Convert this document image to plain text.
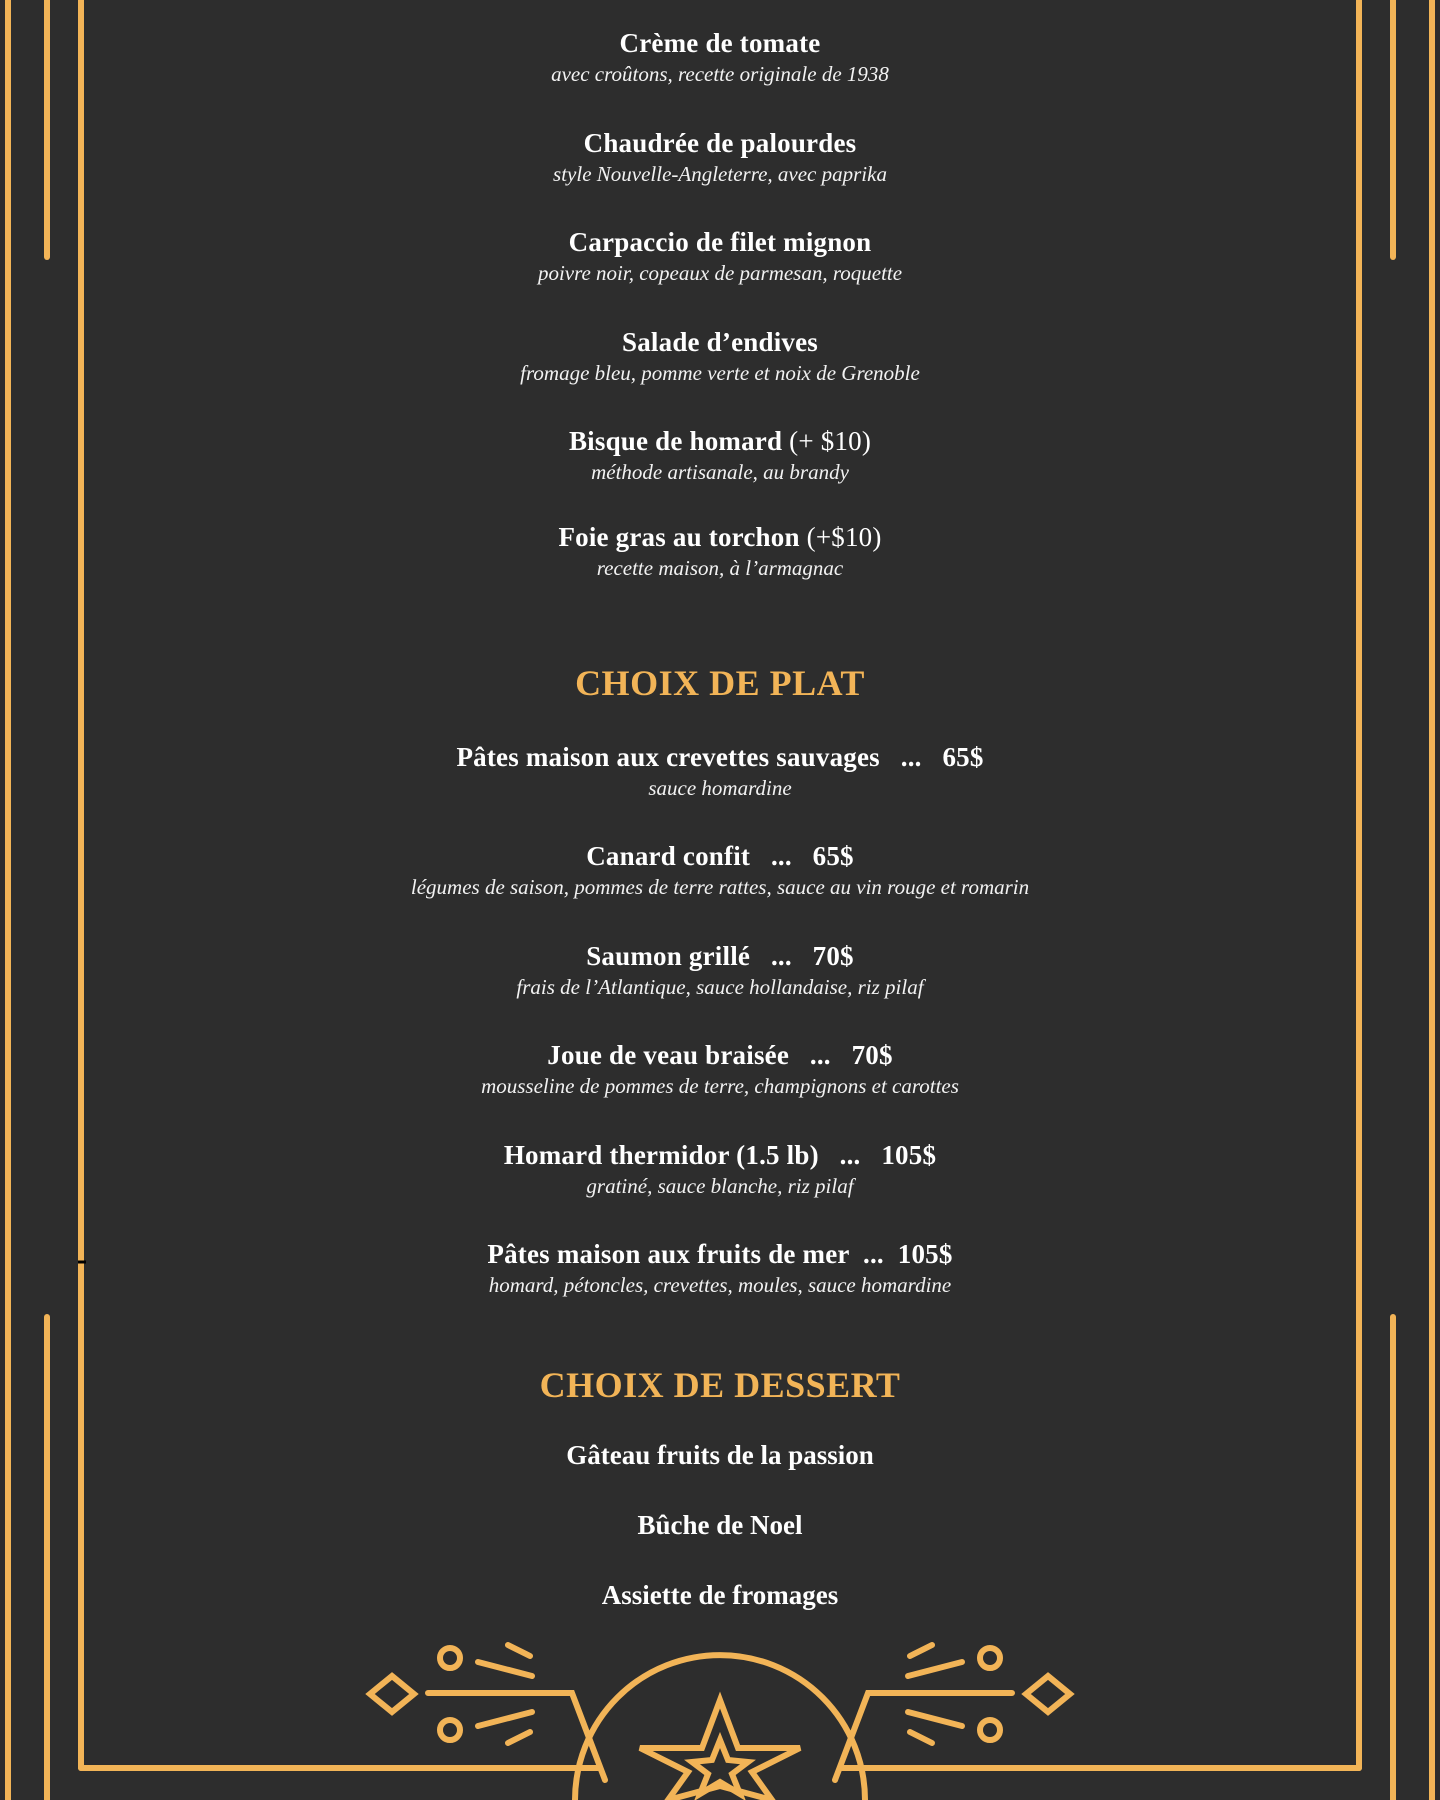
Crème de tomate
avec croûtons, recette originale de 1938
Chaudrée de palourdes
style Nouvelle-Angleterre, avec paprika
Carpaccio de filet mignon
poivre noir, copeaux de parmesan, roquette
Salade d’endives
fromage bleu, pomme verte et noix de Grenoble
Bisque de homard (+ $10)
méthode artisanale, au brandy
Foie gras au torchon (+$10)
recette maison, à l’armagnac
CHOIX DE PLAT
Pâtes maison aux crevettes sauvages   ...   65$
sauce homardine
Canard confit   ...   65$
légumes de saison, pommes de terre rattes, sauce au vin rouge et romarin
Saumon grillé   ...   70$
frais de l’Atlantique, sauce hollandaise, riz pilaf
Joue de veau braisée   ...   70$
mousseline de pommes de terre, champignons et carottes
Homard thermidor (1.5 lb)   ...   105$
gratiné, sauce blanche, riz pilaf
Pâtes maison aux fruits de mer  ...  105$
homard, pétoncles, crevettes, moules, sauce homardine
CHOIX DE DESSERT
Gâteau fruits de la passion
Bûche de Noel
Assiette de fromages
